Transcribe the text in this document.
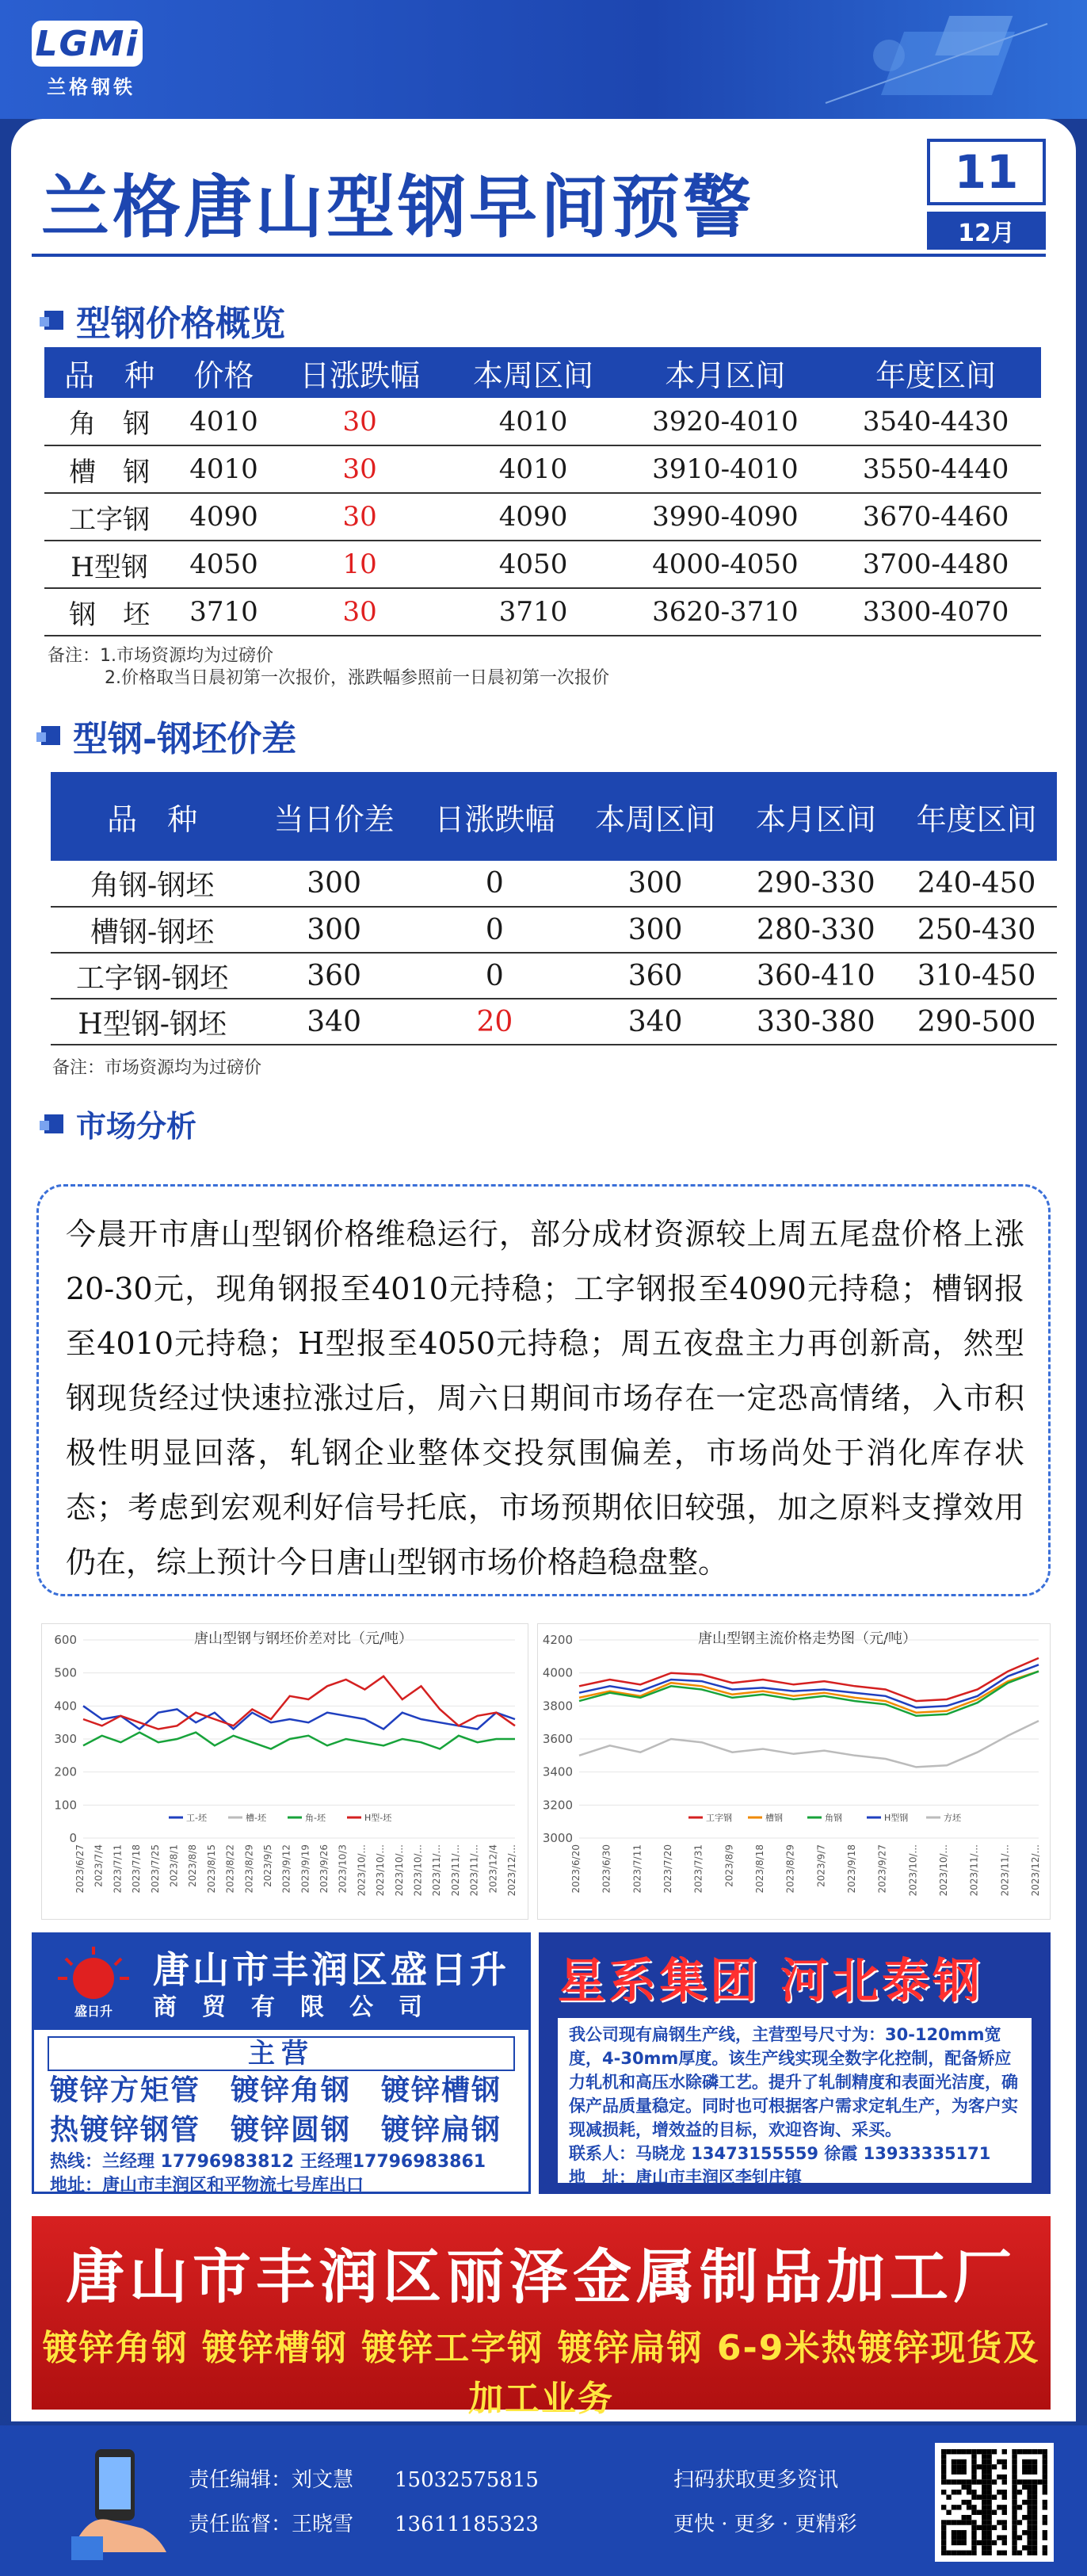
LGMi
兰格钢铁
兰格唐山型钢早间预警	11
12月
型钢价格概览
品　种	价格	日涨跌幅	本周区间	本月区间	年度区间
角　钢	4010	30	4010	3920-4010	3540-4430
槽　钢	4010	30	4010	3910-4010	3550-4440
工字钢	4090	30	4090	3990-4090	3670-4460
H型钢	4050	10	4050	4000-4050	3700-4480
钢　坯	3710	30	3710	3620-3710	3300-4070
备注：1.市场资源均为过磅价
2.价格取当日晨初第一次报价，涨跌幅参照前一日晨初第一次报价
型钢-钢坯价差
品　种	当日价差	日涨跌幅	本周区间	本月区间	年度区间
角钢-钢坯	300	0	300	290-330	240-450
槽钢-钢坯	300	0	300	280-330	250-430
工字钢-钢坯	360	0	360	360-410	310-450
H型钢-钢坯	340	20	340	330-380	290-500
备注：市场资源均为过磅价
市场分析
今晨开市唐山型钢价格维稳运行，部分成材资源较上周五尾盘价格上涨20-30元，现角钢报至4010元持稳；工字钢报至4090元持稳；槽钢报至4010元持稳；H型报至4050元持稳；周五夜盘主力再创新高，然型钢现货经过快速拉涨过后，周六日期间市场存在一定恐高情绪，入市积极性明显回落，轧钢企业整体交投氛围偏差，市场尚处于消化库存状态；考虑到宏观利好信号托底，市场预期依旧较强，加之原料支撑效用仍在，综上预计今日唐山型钢市场价格趋稳盘整。
唐山型钢与钢坯价差对比（元/吨）
600
500
400
300
200
100
0
2023/6/27 2023/7/4 2023/7/11 2023/7/18 2023/7/25 2023/8/1 2023/8/8 2023/8/15 2023/8/22 2023/8/29 2023/9/5 2023/9/12 2023/9/19 2023/9/26 2023/10/3 2023/10/... 2023/10/... 2023/10/... 2023/10/... 2023/11/... 2023/11/... 2023/11/... 2023/12/4 2023/12/...
工-坯	槽-坯	角-坯	H型-坯
唐山型钢主流价格走势图（元/吨）
4200
4000
3800
3600
3400
3200
3000
2023/6/20 2023/6/30 2023/7/11 2023/7/20 2023/7/31 2023/8/9 2023/8/18 2023/8/29 2023/9/7 2023/9/18 2023/9/27 2023/10/... 2023/10/... 2023/11/... 2023/11/... 2023/12/...
工字钢	槽钢	角钢	H型钢	方坯
盛日升
唐山市丰润区盛日升
商贸有限公司
主营
镀锌方矩管　镀锌角钢　镀锌槽钢
热镀锌钢管　镀锌圆钢　镀锌扁钢
热线：兰经理 17796983812 王经理17796983861
地址：唐山市丰润区和平物流七号库出口
星系集团 河北泰钢
我公司现有扁钢生产线，主营型号尺寸为：30-120mm宽度，4-30mm厚度。该生产线实现全数字化控制，配备矫应力轧机和高压水除磷工艺。提升了轧制精度和表面光洁度，确保产品质量稳定。同时也可根据客户需求定轧生产，为客户实现减损耗，增效益的目标，欢迎咨询、采买。
联系人：马晓龙 13473155559 徐霞 13933335171
地　址：唐山市丰润区李钊庄镇
唐山市丰润区丽泽金属制品加工厂
镀锌角钢 镀锌槽钢 镀锌工字钢 镀锌扁钢 6-9米热镀锌现货及加工业务
责任编辑：刘文慧　　15032575815
责任监督：王晓雪　　13611185323
扫码获取更多资讯
更快 · 更多 · 更精彩
